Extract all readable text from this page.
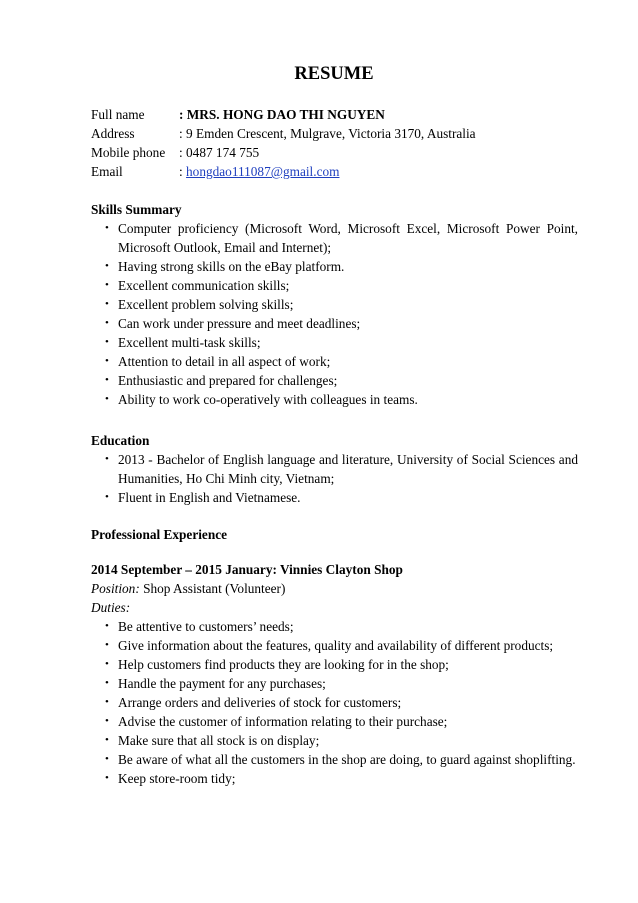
RESUME
Full name	: MRS. HONG DAO THI NGUYEN
Address	: 9 Emden Crescent, Mulgrave, Victoria 3170, Australia
Mobile phone : 0487 174 755
Email	: hongdao111087@gmail.com
Skills Summary
• Computer proficiency (Microsoft Word, Microsoft Excel, Microsoft Power Point, Microsoft Outlook, Email and Internet);
• Having strong skills on the eBay platform.
• Excellent communication skills;
• Excellent problem solving skills;
• Can work under pressure and meet deadlines;
• Excellent multi-task skills;
• Attention to detail in all aspect of work;
• Enthusiastic and prepared for challenges;
• Ability to work co-operatively with colleagues in teams.
Education
• 2013 - Bachelor of English language and literature, University of Social Sciences and Humanities, Ho Chi Minh city, Vietnam;
• Fluent in English and Vietnamese.
Professional Experience
2014 September – 2015 January: Vinnies Clayton Shop
Position: Shop Assistant (Volunteer)
Duties:
• Be attentive to customers’ needs;
• Give information about the features, quality and availability of different products;
• Help customers find products they are looking for in the shop;
• Handle the payment for any purchases;
• Arrange orders and deliveries of stock for customers;
• Advise the customer of information relating to their purchase;
• Make sure that all stock is on display;
• Be aware of what all the customers in the shop are doing, to guard against shoplifting.
• Keep store-room tidy;
